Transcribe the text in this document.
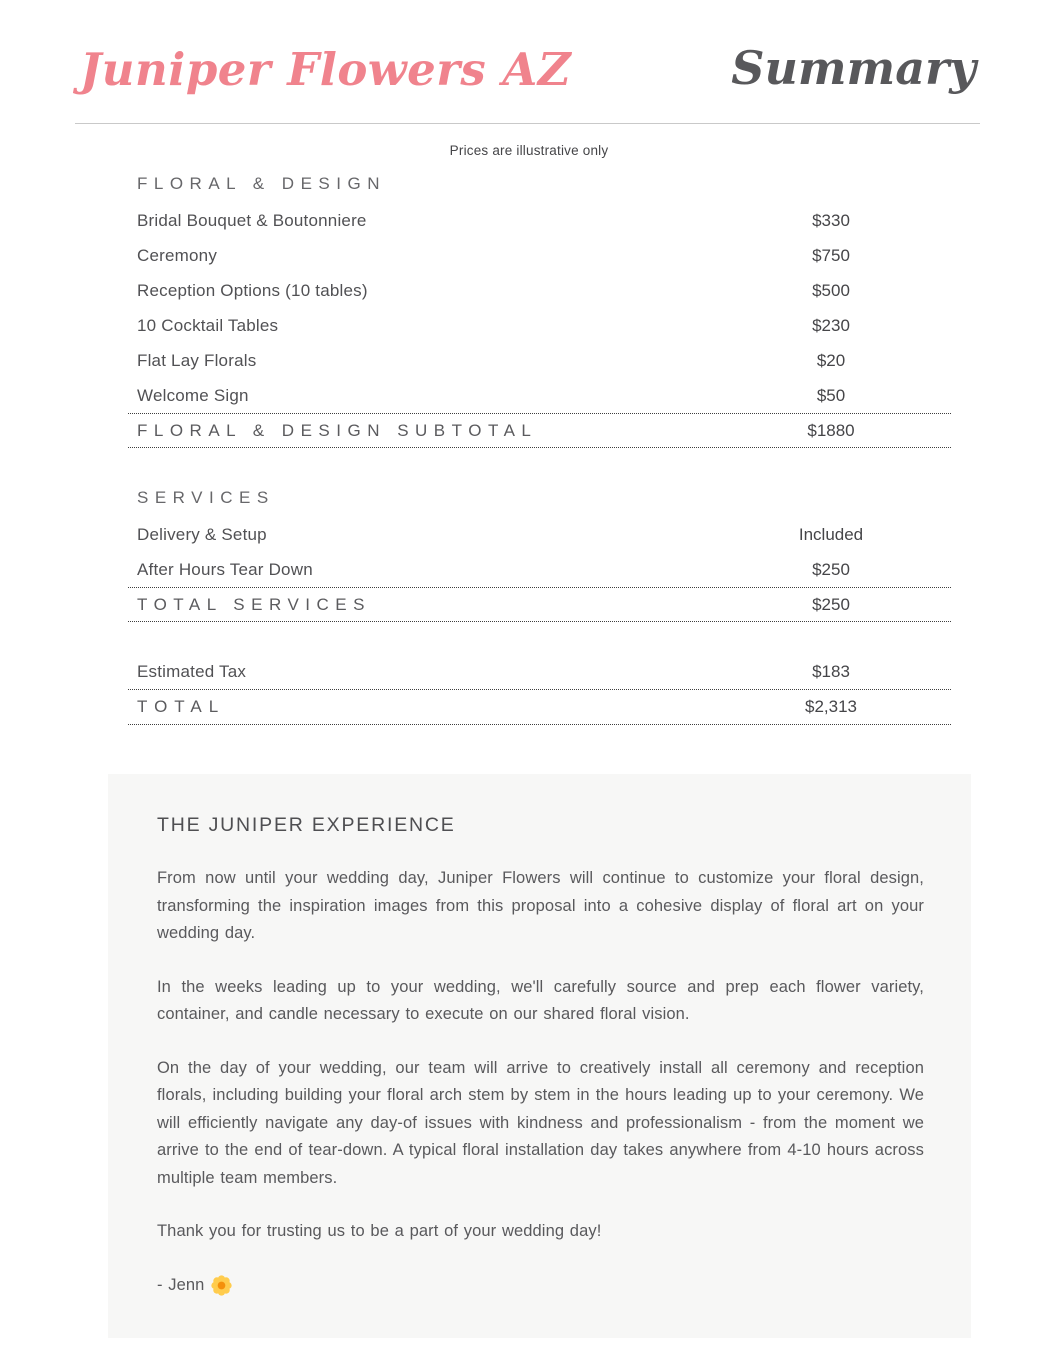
Juniper Flowers AZ	Summary
Prices are illustrative only
FLORAL & DESIGN
Bridal Bouquet & Boutonniere	$330
Ceremony	$750
Reception Options (10 tables)	$500
10 Cocktail Tables	$230
Flat Lay Florals	$20
Welcome Sign	$50
FLORAL & DESIGN SUBTOTAL	$1880
SERVICES
Delivery & Setup	Included
After Hours Tear Down	$250
TOTAL SERVICES	$250
Estimated Tax	$183
TOTAL	$2,313
THE JUNIPER EXPERIENCE

From now until your wedding day, Juniper Flowers will continue to customize your floral design, transforming the inspiration images from this proposal into a cohesive display of floral art on your wedding day.

In the weeks leading up to your wedding, we'll carefully source and prep each flower variety, container, and candle necessary to execute on our shared floral vision.

On the day of your wedding, our team will arrive to creatively install all ceremony and reception florals, including building your floral arch stem by stem in the hours leading up to your ceremony. We will efficiently navigate any day-of issues with kindness and professionalism - from the moment we arrive to the end of tear-down. A typical floral installation day takes anywhere from 4-10 hours across multiple team members.

Thank you for trusting us to be a part of your wedding day!

- Jenn
